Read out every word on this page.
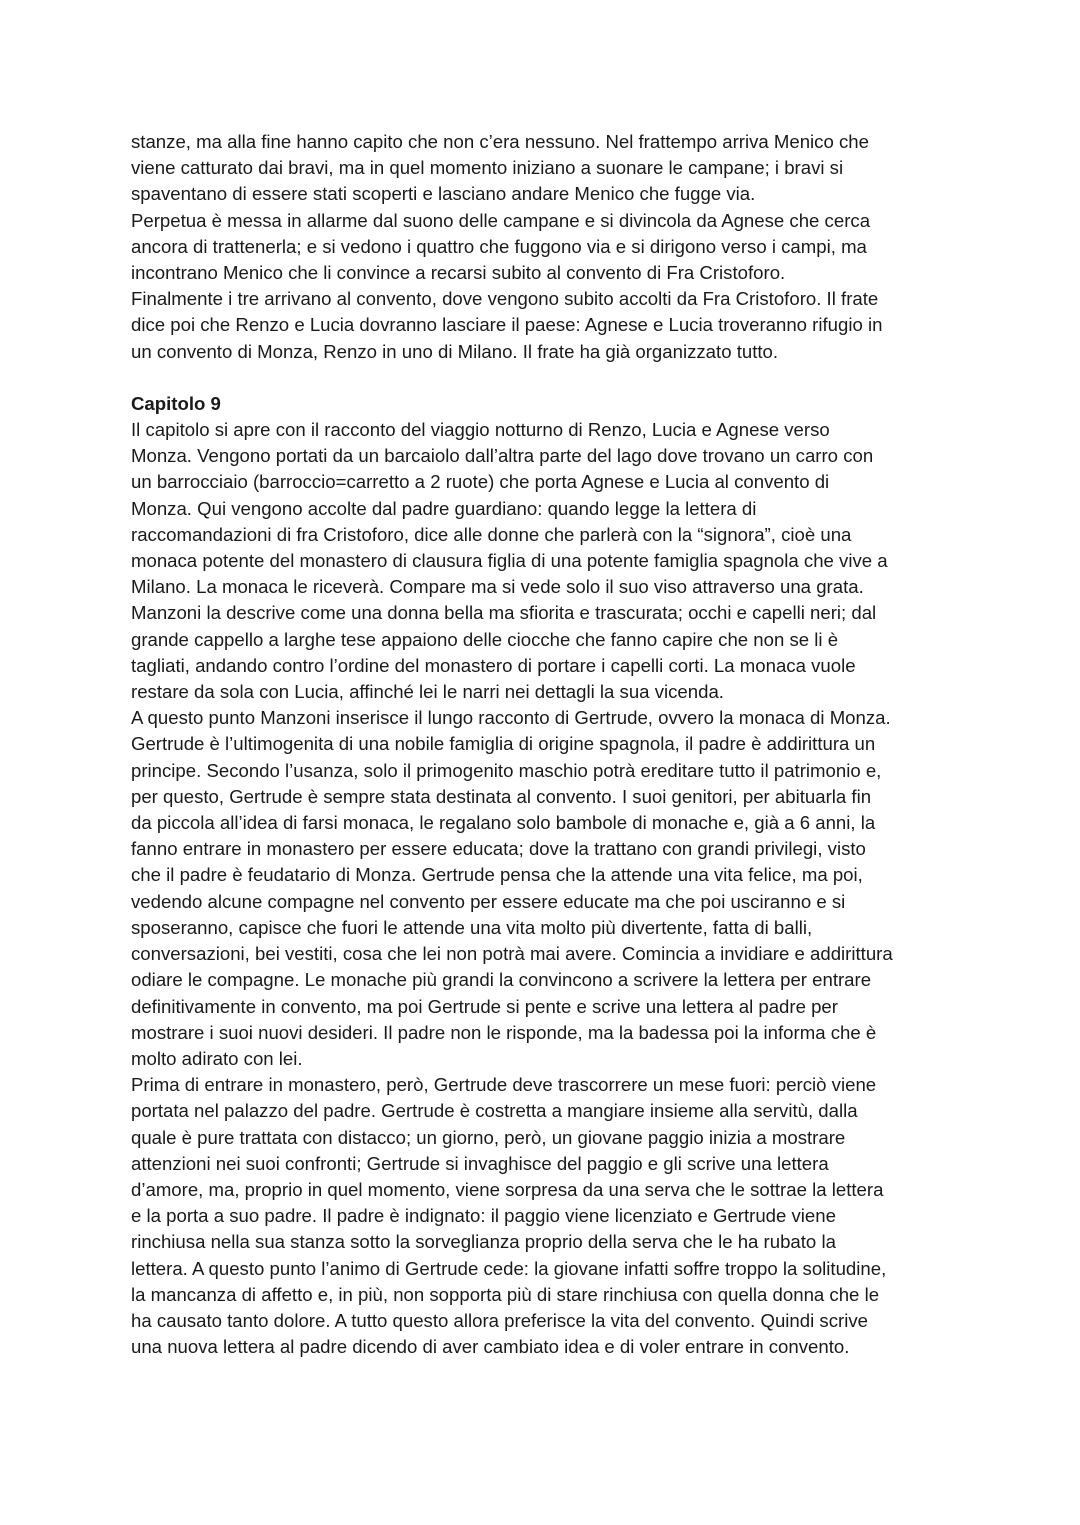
stanze, ma alla fine hanno capito che non c’era nessuno. Nel frattempo arriva Menico che
viene catturato dai bravi, ma in quel momento iniziano a suonare le campane; i bravi si
spaventano di essere stati scoperti e lasciano andare Menico che fugge via.

Perpetua è messa in allarme dal suono delle campane e si divincola da Agnese che cerca
ancora di trattenerla; e si vedono i quattro che fuggono via e si dirigono verso i campi, ma
incontrano Menico che li convince a recarsi subito al convento di Fra Cristoforo.

Finalmente i tre arrivano al convento, dove vengono subito accolti da Fra Cristoforo. Il frate
dice poi che Renzo e Lucia dovranno lasciare il paese: Agnese e Lucia troveranno rifugio in
un convento di Monza, Renzo in uno di Milano. Il frate ha già organizzato tutto.

Capitolo 9

Il capitolo si apre con il racconto del viaggio notturno di Renzo, Lucia e Agnese verso
Monza. Vengono portati da un barcaiolo dall’altra parte del lago dove trovano un carro con
un barrocciaio (barroccio=carretto a 2 ruote) che porta Agnese e Lucia al convento di
Monza. Qui vengono accolte dal padre guardiano: quando legge la lettera di
raccomandazioni di fra Cristoforo, dice alle donne che parlerà con la “signora”, cioè una
monaca potente del monastero di clausura figlia di una potente famiglia spagnola che vive a
Milano. La monaca le riceverà. Compare ma si vede solo il suo viso attraverso una grata.
Manzoni la descrive come una donna bella ma sfiorita e trascurata; occhi e capelli neri; dal
grande cappello a larghe tese appaiono delle ciocche che fanno capire che non se li è
tagliati, andando contro l’ordine del monastero di portare i capelli corti. La monaca vuole
restare da sola con Lucia, affinché lei le narri nei dettagli la sua vicenda.

A questo punto Manzoni inserisce il lungo racconto di Gertrude, ovvero la monaca di Monza.
Gertrude è l’ultimogenita di una nobile famiglia di origine spagnola, il padre è addirittura un
principe. Secondo l’usanza, solo il primogenito maschio potrà ereditare tutto il patrimonio e,
per questo, Gertrude è sempre stata destinata al convento. I suoi genitori, per abituarla fin
da piccola all’idea di farsi monaca, le regalano solo bambole di monache e, già a 6 anni, la
fanno entrare in monastero per essere educata; dove la trattano con grandi privilegi, visto
che il padre è feudatario di Monza. Gertrude pensa che la attende una vita felice, ma poi,
vedendo alcune compagne nel convento per essere educate ma che poi usciranno e si
sposeranno, capisce che fuori le attende una vita molto più divertente, fatta di balli,
conversazioni, bei vestiti, cosa che lei non potrà mai avere. Comincia a invidiare e addirittura
odiare le compagne. Le monache più grandi la convincono a scrivere la lettera per entrare
definitivamente in convento, ma poi Gertrude si pente e scrive una lettera al padre per
mostrare i suoi nuovi desideri. Il padre non le risponde, ma la badessa poi la informa che è
molto adirato con lei.

Prima di entrare in monastero, però, Gertrude deve trascorrere un mese fuori: perciò viene
portata nel palazzo del padre. Gertrude è costretta a mangiare insieme alla servitù, dalla
quale è pure trattata con distacco; un giorno, però, un giovane paggio inizia a mostrare
attenzioni nei suoi confronti; Gertrude si invaghisce del paggio e gli scrive una lettera
d’amore, ma, proprio in quel momento, viene sorpresa da una serva che le sottrae la lettera
e la porta a suo padre. Il padre è indignato: il paggio viene licenziato e Gertrude viene
rinchiusa nella sua stanza sotto la sorveglianza proprio della serva che le ha rubato la
lettera. A questo punto l’animo di Gertrude cede: la giovane infatti soffre troppo la solitudine,
la mancanza di affetto e, in più, non sopporta più di stare rinchiusa con quella donna che le
ha causato tanto dolore. A tutto questo allora preferisce la vita del convento. Quindi scrive
una nuova lettera al padre dicendo di aver cambiato idea e di voler entrare in convento.
